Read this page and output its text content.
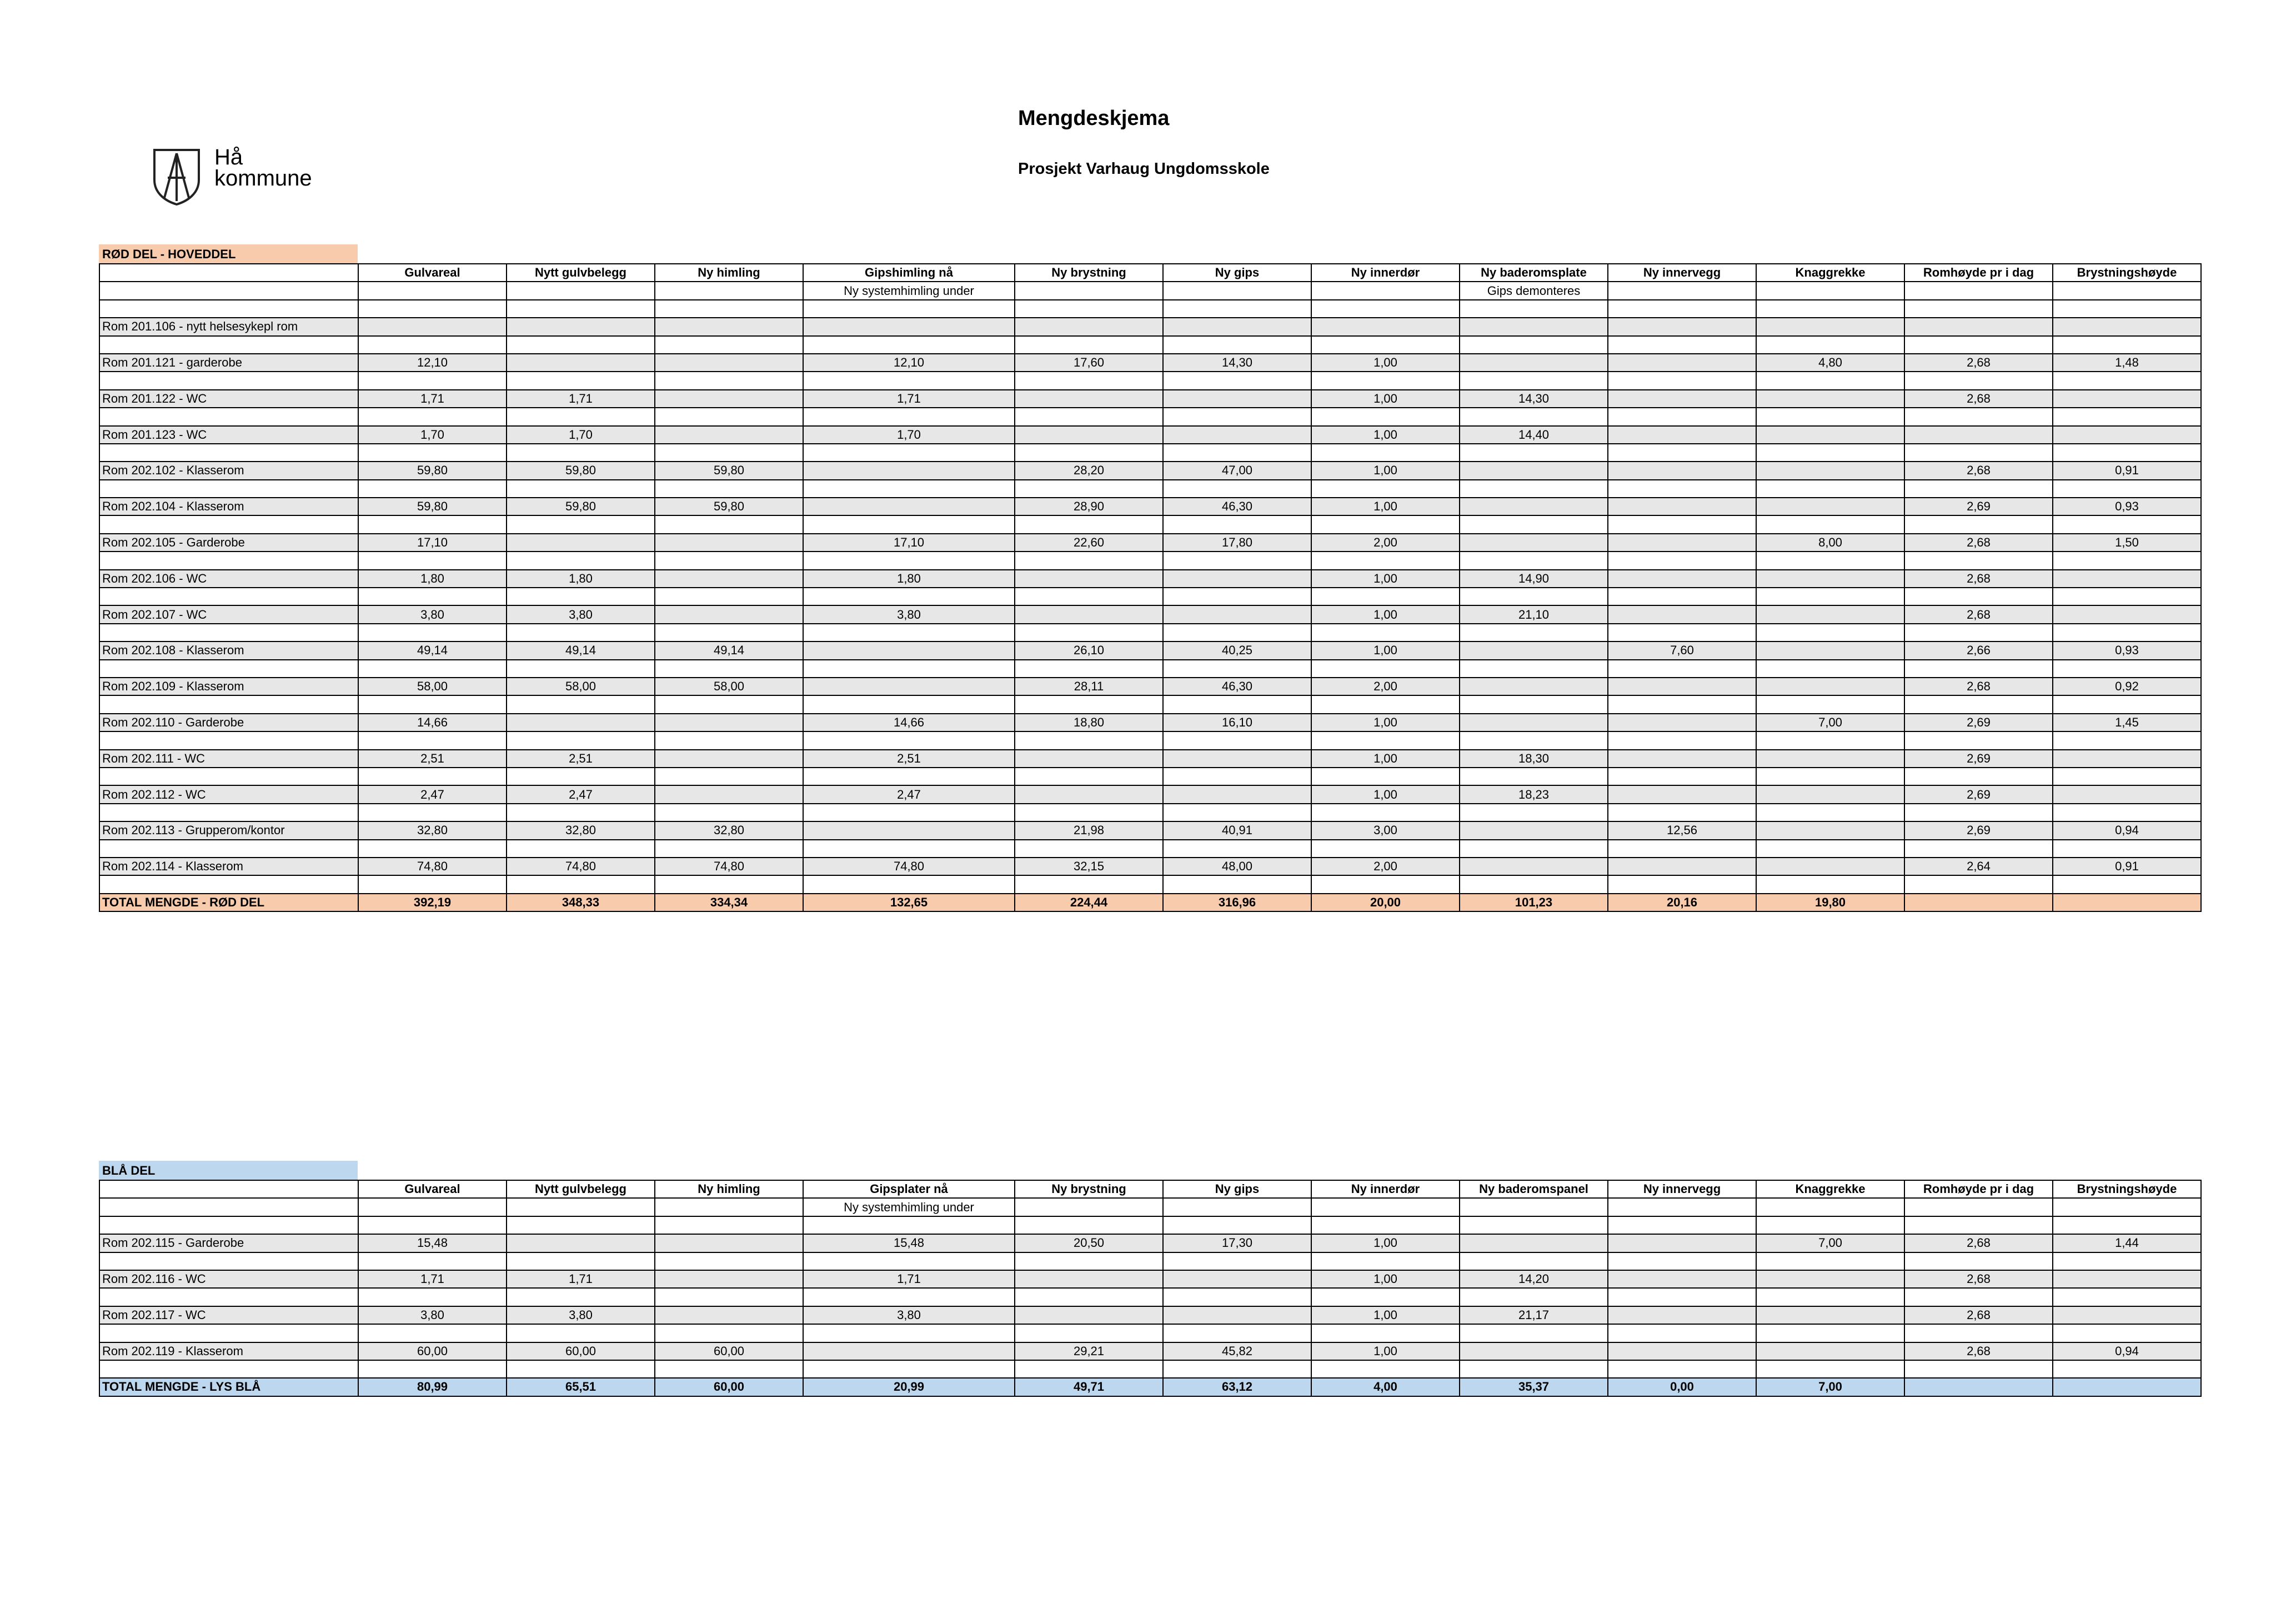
Hå
kommune
Mengdeskjema
Prosjekt Varhaug Ungdomsskole
RØD DEL - HOVEDDEL
	Gulvareal	Nytt gulvbelegg	Ny himling	Gipshimling nå	Ny brystning	Ny gips	Ny innerdør	Ny baderomsplate	Ny innervegg	Knaggrekke	Romhøyde pr i dag	Brystningshøyde
				Ny systemhimling under				Gips demonteres				

Rom 201.106 - nytt helsesykepl rom												

Rom 201.121 - garderobe	12,10			12,10	17,60	14,30	1,00			4,80	2,68	1,48

Rom 201.122 - WC	1,71	1,71		1,71			1,00	14,30			2,68	

Rom 201.123 - WC	1,70	1,70		1,70			1,00	14,40				

Rom 202.102 - Klasserom	59,80	59,80	59,80		28,20	47,00	1,00				2,68	0,91

Rom 202.104 - Klasserom	59,80	59,80	59,80		28,90	46,30	1,00				2,69	0,93

Rom 202.105 - Garderobe	17,10			17,10	22,60	17,80	2,00			8,00	2,68	1,50

Rom 202.106 - WC	1,80	1,80		1,80			1,00	14,90			2,68	

Rom 202.107 - WC	3,80	3,80		3,80			1,00	21,10			2,68	

Rom 202.108 - Klasserom	49,14	49,14	49,14		26,10	40,25	1,00		7,60		2,66	0,93

Rom 202.109 - Klasserom	58,00	58,00	58,00		28,11	46,30	2,00				2,68	0,92

Rom 202.110 - Garderobe	14,66			14,66	18,80	16,10	1,00			7,00	2,69	1,45

Rom 202.111 - WC	2,51	2,51		2,51			1,00	18,30			2,69	

Rom 202.112 - WC	2,47	2,47		2,47			1,00	18,23			2,69	

Rom 202.113 - Grupperom/kontor	32,80	32,80	32,80		21,98	40,91	3,00		12,56		2,69	0,94

Rom 202.114 - Klasserom	74,80	74,80	74,80	74,80	32,15	48,00	2,00				2,64	0,91

TOTAL MENGDE - RØD DEL	392,19	348,33	334,34	132,65	224,44	316,96	20,00	101,23	20,16	19,80		
BLÅ DEL
	Gulvareal	Nytt gulvbelegg	Ny himling	Gipsplater nå	Ny brystning	Ny gips	Ny innerdør	Ny baderomspanel	Ny innervegg	Knaggrekke	Romhøyde pr i dag	Brystningshøyde
				Ny systemhimling under								

Rom 202.115 - Garderobe	15,48			15,48	20,50	17,30	1,00			7,00	2,68	1,44

Rom 202.116 - WC	1,71	1,71		1,71			1,00	14,20			2,68	

Rom 202.117 - WC	3,80	3,80		3,80			1,00	21,17			2,68	

Rom 202.119 - Klasserom	60,00	60,00	60,00		29,21	45,82	1,00				2,68	0,94

TOTAL MENGDE - LYS BLÅ	80,99	65,51	60,00	20,99	49,71	63,12	4,00	35,37	0,00	7,00		
